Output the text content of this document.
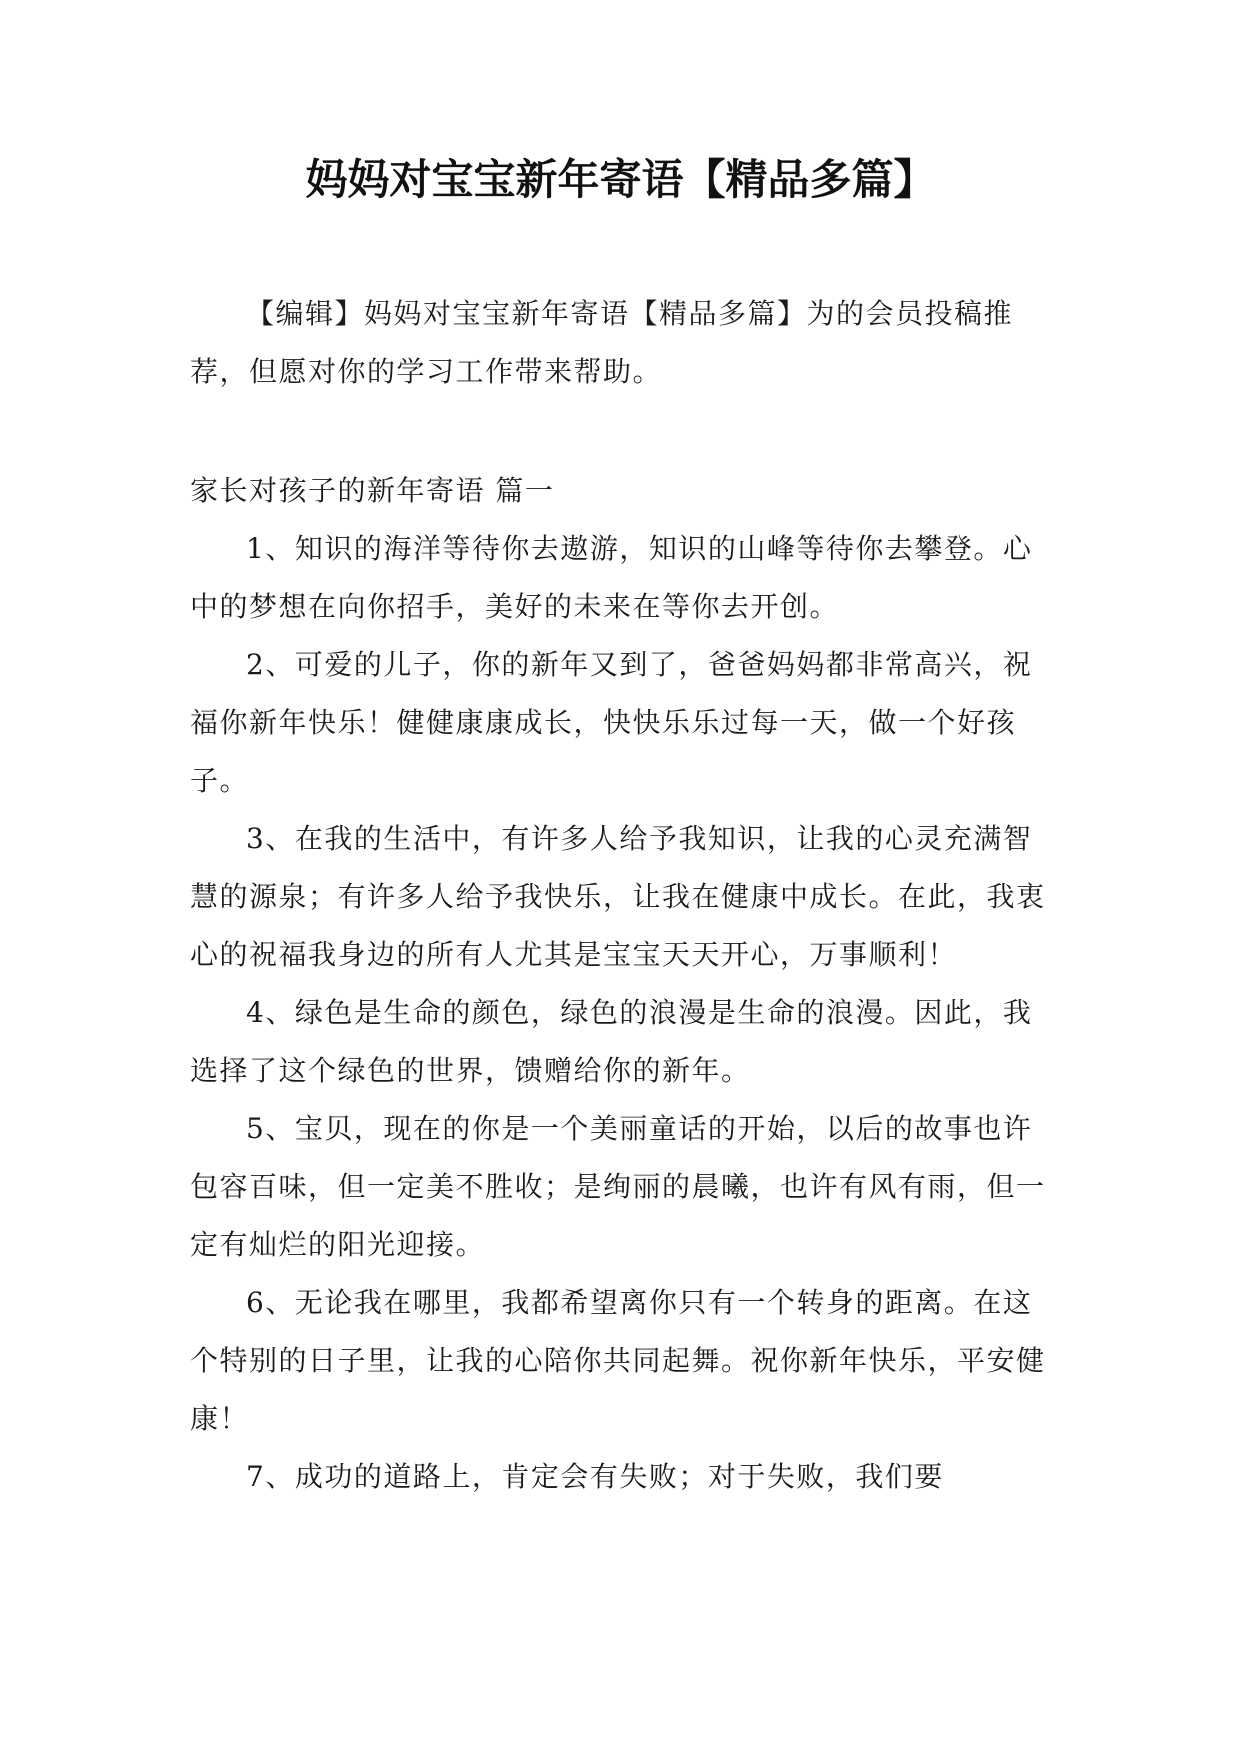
妈妈对宝宝新年寄语【精品多篇】

【编辑】妈妈对宝宝新年寄语【精品多篇】为的会员投稿推荐，但愿对你的学习工作带来帮助。

家长对孩子的新年寄语 篇一

1、知识的海洋等待你去遨游，知识的山峰等待你去攀登。心中的梦想在向你招手，美好的未来在等你去开创。

2、可爱的儿子，你的新年又到了，爸爸妈妈都非常高兴，祝福你新年快乐！健健康康成长，快快乐乐过每一天，做一个好孩子。

3、在我的生活中，有许多人给予我知识，让我的心灵充满智慧的源泉；有许多人给予我快乐，让我在健康中成长。在此，我衷心的祝福我身边的所有人尤其是宝宝天天开心，万事顺利！

4、绿色是生命的颜色，绿色的浪漫是生命的浪漫。因此，我选择了这个绿色的世界，馈赠给你的新年。

5、宝贝，现在的你是一个美丽童话的开始，以后的故事也许包容百味，但一定美不胜收；是绚丽的晨曦，也许有风有雨，但一定有灿烂的阳光迎接。

6、无论我在哪里，我都希望离你只有一个转身的距离。在这个特别的日子里，让我的心陪你共同起舞。祝你新年快乐，平安健康！

7、成功的道路上，肯定会有失败；对于失败，我们要
